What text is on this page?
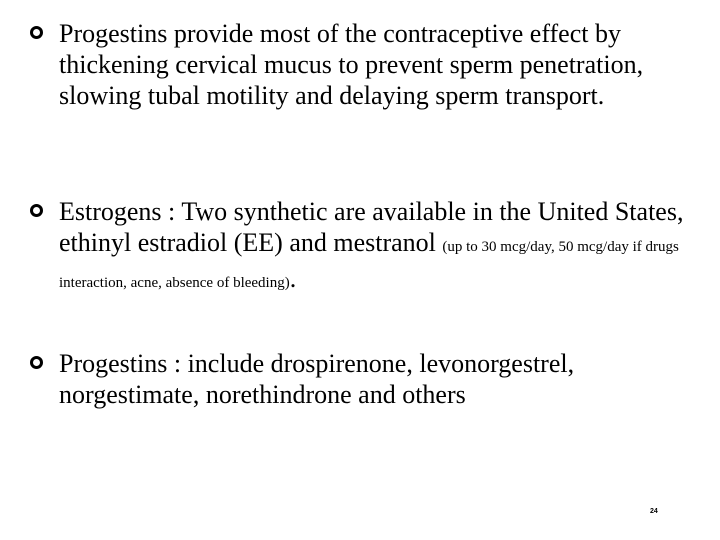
Progestins provide most of the contraceptive effect by thickening cervical mucus to prevent sperm penetration, slowing tubal motility and delaying sperm transport.
Estrogens : Two synthetic are available in the United States, ethinyl estradiol (EE) and mestranol (up to 30 mcg/day, 50 mcg/day if drugs interaction, acne, absence of bleeding).
Progestins : include drospirenone, levonorgestrel, norgestimate, norethindrone and others
24
